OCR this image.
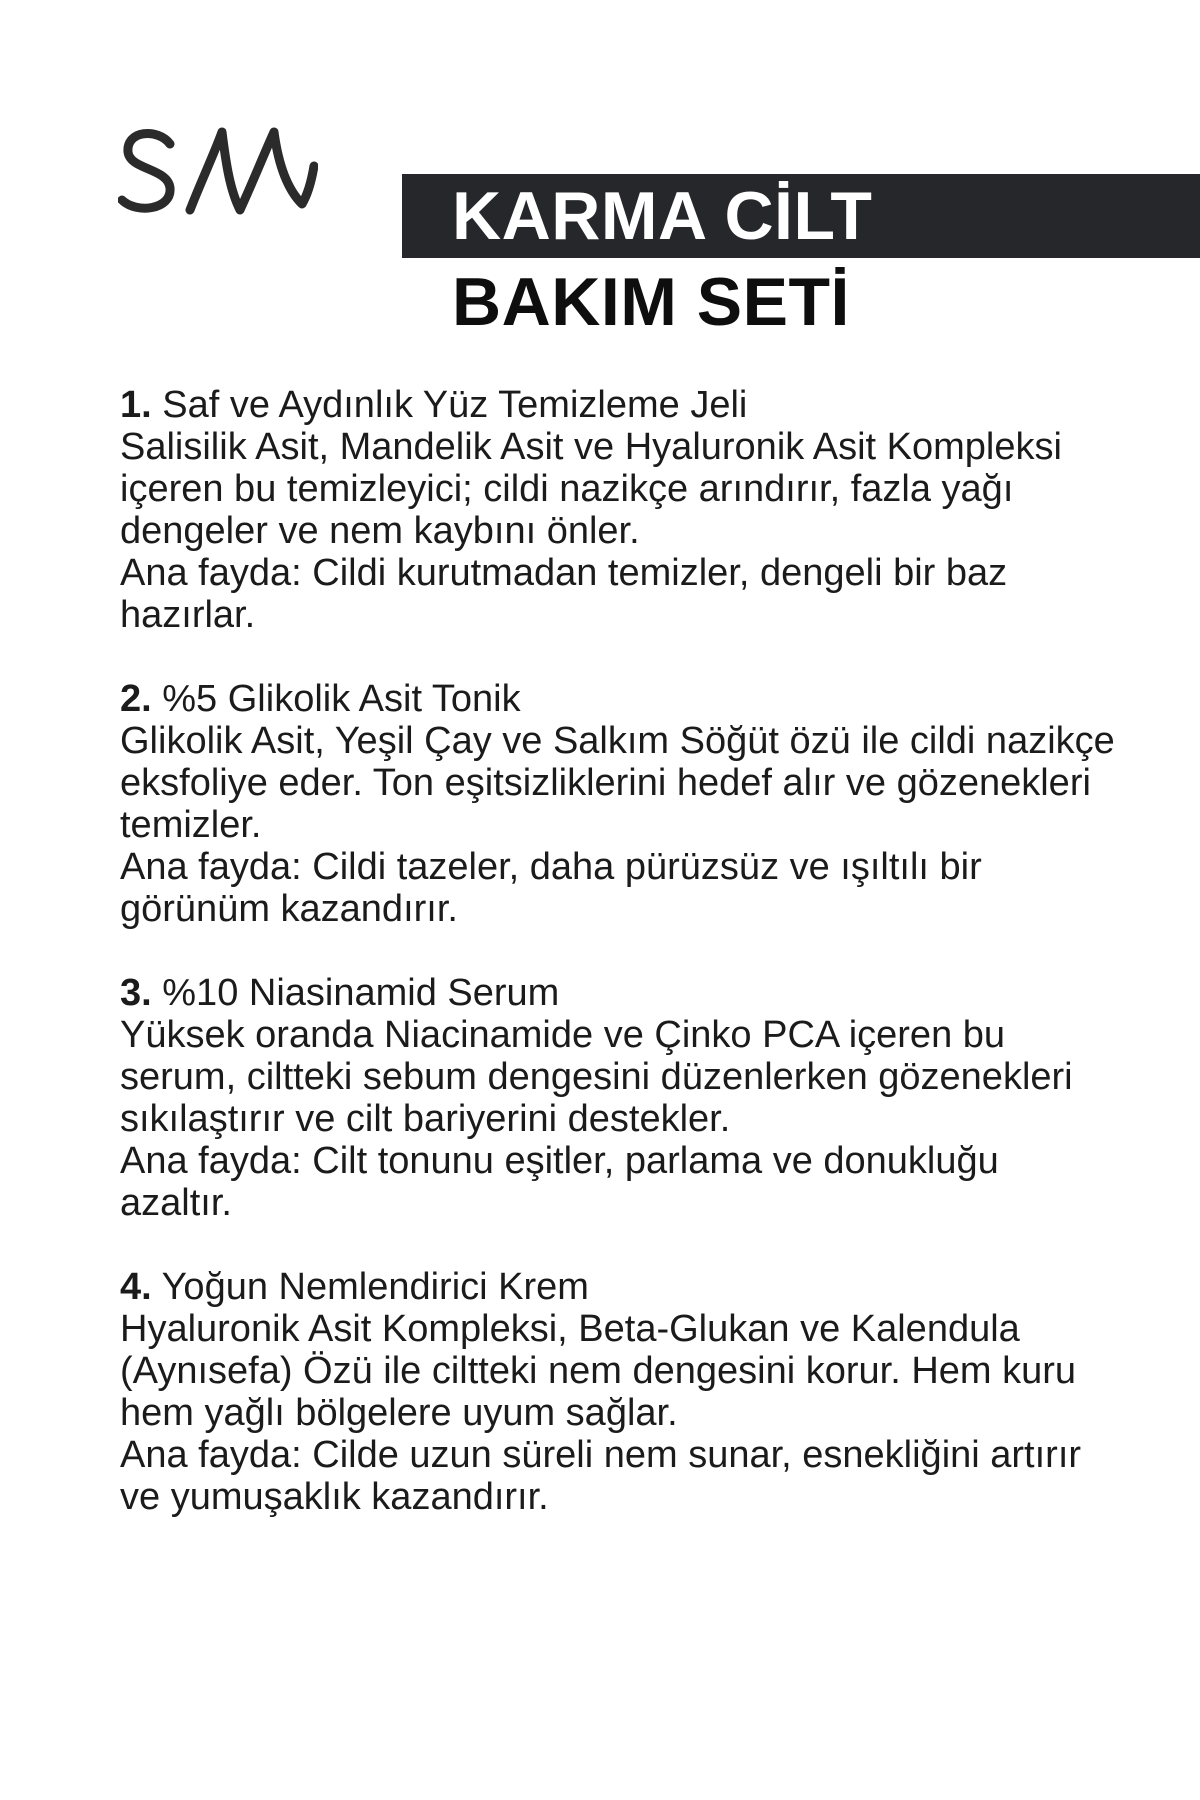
KARMA CİLT
BAKIM SETİ

1. Saf ve Aydınlık Yüz Temizleme Jeli

Salisilik Asit, Mandelik Asit ve Hyaluronik Asit Kompleksi içeren bu temizleyici; cildi nazikçe arındırır, fazla yağı dengeler ve nem kaybını önler.

Ana fayda: Cildi kurutmadan temizler, dengeli bir baz hazırlar.

2. %5 Glikolik Asit Tonik

Glikolik Asit, Yeşil Çay ve Salkım Söğüt özü ile cildi nazikçe eksfoliye eder. Ton eşitsizliklerini hedef alır ve gözenekleri temizler.

Ana fayda: Cildi tazeler, daha pürüzsüz ve ışıltılı bir görünüm kazandırır.

3. %10 Niasinamid Serum

Yüksek oranda Niacinamide ve Çinko PCA içeren bu serum, ciltteki sebum dengesini düzenlerken gözenekleri sıkılaştırır ve cilt bariyerini destekler.

Ana fayda: Cilt tonunu eşitler, parlama ve donukluğu azaltır.

4. Yoğun Nemlendirici Krem

Hyaluronik Asit Kompleksi, Beta-Glukan ve Kalendula (Aynısefa) Özü ile ciltteki nem dengesini korur. Hem kuru hem yağlı bölgelere uyum sağlar.

Ana fayda: Cilde uzun süreli nem sunar, esnekliğini artırır ve yumuşaklık kazandırır.
